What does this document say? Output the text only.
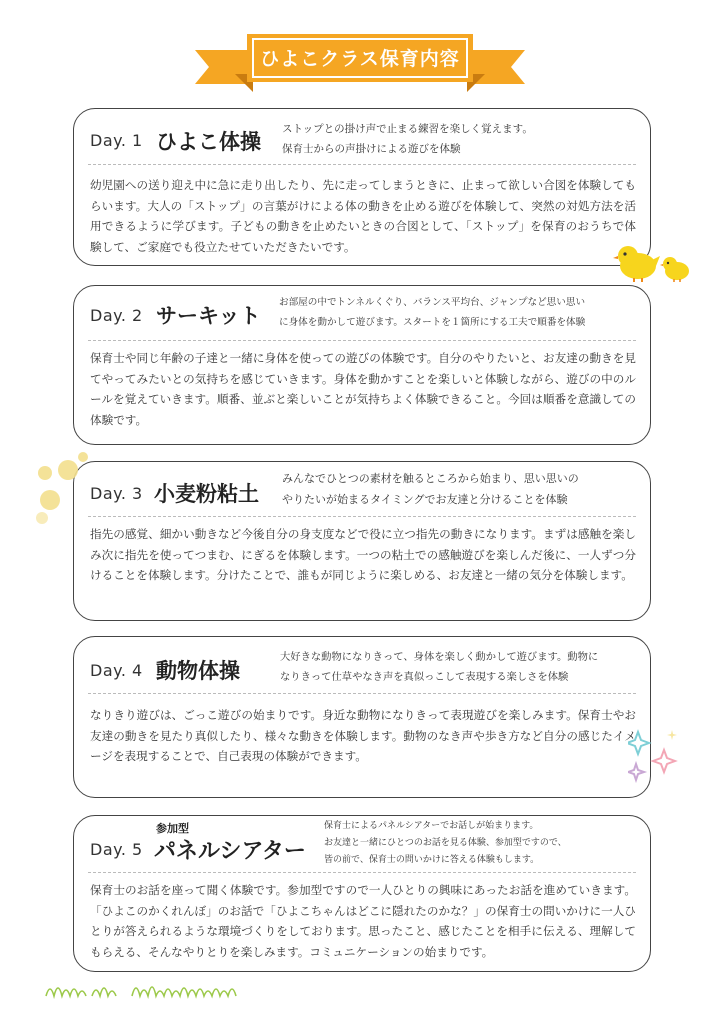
ひよこクラス保育内容
Day. 1 ひよこ体操
ストップとの掛け声で止まる練習を楽しく覚えます。
保育士からの声掛けによる遊びを体験
幼児園への送り迎え中に急に走り出したり、先に走ってしまうときに、止まって欲しい合図を体験してもらいます。大人の「ストップ」の言葉がけによる体の動きを止める遊びを体験して、突然の対処方法を活用できるように学びます。子どもの動きを止めたいときの合図として、「ストップ」を保育のおうちで体験して、ご家庭でも役立たせていただきたいです。
Day. 2 サーキット
お部屋の中でトンネルくぐり、バランス平均台、ジャンプなど思い思い
に身体を動かして遊びます。スタートを１箇所にする工夫で順番を体験
保育士や同じ年齢の子達と一緒に身体を使っての遊びの体験です。自分のやりたいと、お友達の動きを見てやってみたいとの気持ちを感じていきます。身体を動かすことを楽しいと体験しながら、遊びの中のルールを覚えていきます。順番、並ぶと楽しいことが気持ちよく体験できること。今回は順番を意識しての体験です。
Day. 3 小麦粉粘土
みんなでひとつの素材を触るところから始まり、思い思いの
やりたいが始まるタイミングでお友達と分けることを体験
指先の感覚、細かい動きなど今後自分の身支度などで役に立つ指先の動きになります。まずは感触を楽しみ次に指先を使ってつまむ、にぎるを体験します。一つの粘土での感触遊びを楽しんだ後に、一人ずつ分けることを体験します。分けたことで、誰もが同じように楽しめる、お友達と一緒の気分を体験します。
Day. 4 動物体操
大好きな動物になりきって、身体を楽しく動かして遊びます。動物に
なりきって仕草やなき声を真似っこして表現する楽しさを体験
なりきり遊びは、ごっこ遊びの始まりです。身近な動物になりきって表現遊びを楽しみます。保育士やお友達の動きを見たり真似したり、様々な動きを体験します。動物のなき声や歩き方など自分の感じたイメージを表現することで、自己表現の体験ができます。
Day. 5
参加型
パネルシアター
保育士によるパネルシアターでお話しが始まります。
お友達と一緒にひとつのお話を見る体験、参加型ですので、
皆の前で、保育士の問いかけに答える体験もします。
保育士のお話を座って聞く体験です。参加型ですので一人ひとりの興味にあったお話を進めていきます。「ひよこのかくれんぼ」のお話で「ひよこちゃんはどこに隠れたのかな？」の保育士の問いかけに一人ひとりが答えられるような環境づくりをしております。思ったこと、感じたことを相手に伝える、理解してもらえる、そんなやりとりを楽しみます。コミュニケーションの始まりです。
